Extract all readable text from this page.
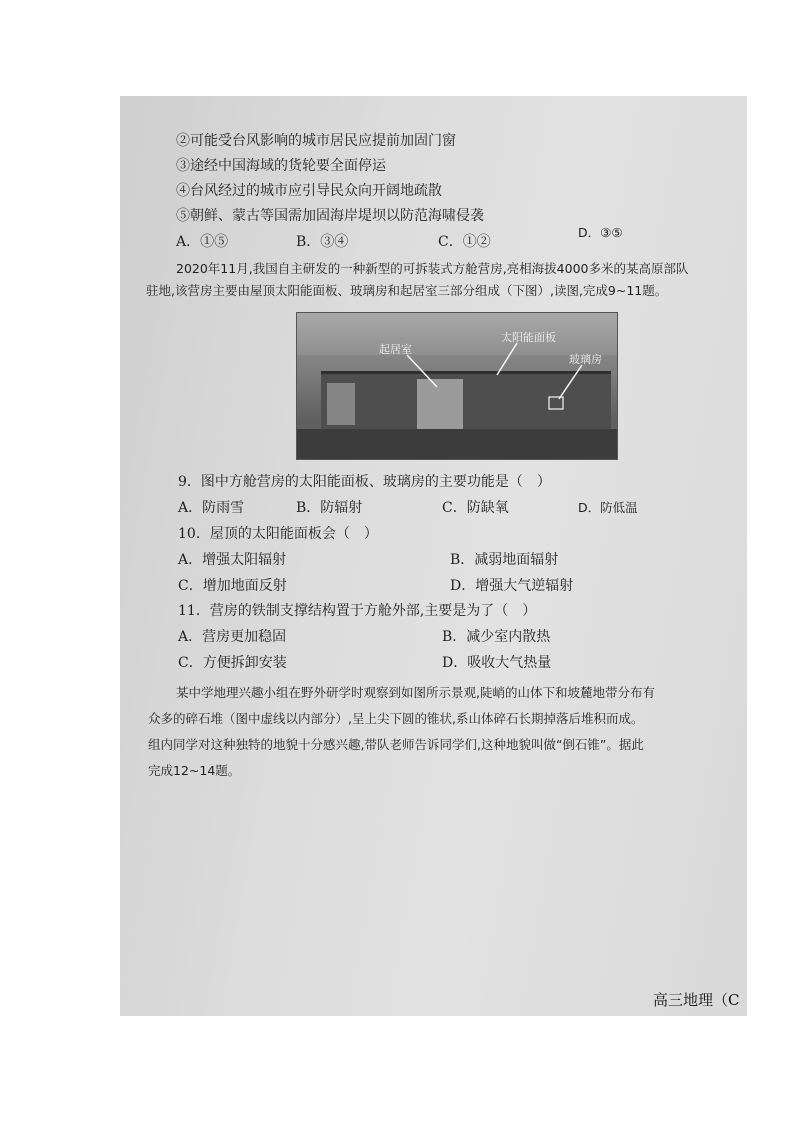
②可能受台风影响的城市居民应提前加固门窗
③途经中国海域的货轮要全面停运
④台风经过的城市应引导民众向开阔地疏散
⑤朝鲜、蒙古等国需加固海岸堤坝以防范海啸侵袭
A．①⑤	B．③④	C．①②
D．③⑤
2020年11月,我国自主研发的一种新型的可拆装式方舱营房,亮相海拔4000多米的某高原部队
驻地,该营房主要由屋顶太阳能面板、玻璃房和起居室三部分组成（下图）,读图,完成9~11题。
起居室
太阳能面板
玻璃房
9．图中方舱营房的太阳能面板、玻璃房的主要功能是（　）
A．防雨雪	B．防辐射	C．防缺氧	D．防低温
10．屋顶的太阳能面板会（　）
A．增强太阳辐射	B．减弱地面辐射
C．增加地面反射	D．增强大气逆辐射
11．营房的铁制支撑结构置于方舱外部,主要是为了（　）
A．营房更加稳固	B．减少室内散热
C．方便拆卸安装	D．吸收大气热量
某中学地理兴趣小组在野外研学时观察到如图所示景观,陡峭的山体下和坡麓地带分布有
众多的碎石堆（图中虚线以内部分）,呈上尖下圆的锥状,系山体碎石长期掉落后堆积而成。
组内同学对这种独特的地貌十分感兴趣,带队老师告诉同学们,这种地貌叫做“倒石锥”。据此
完成12~14题。
高三地理（C
